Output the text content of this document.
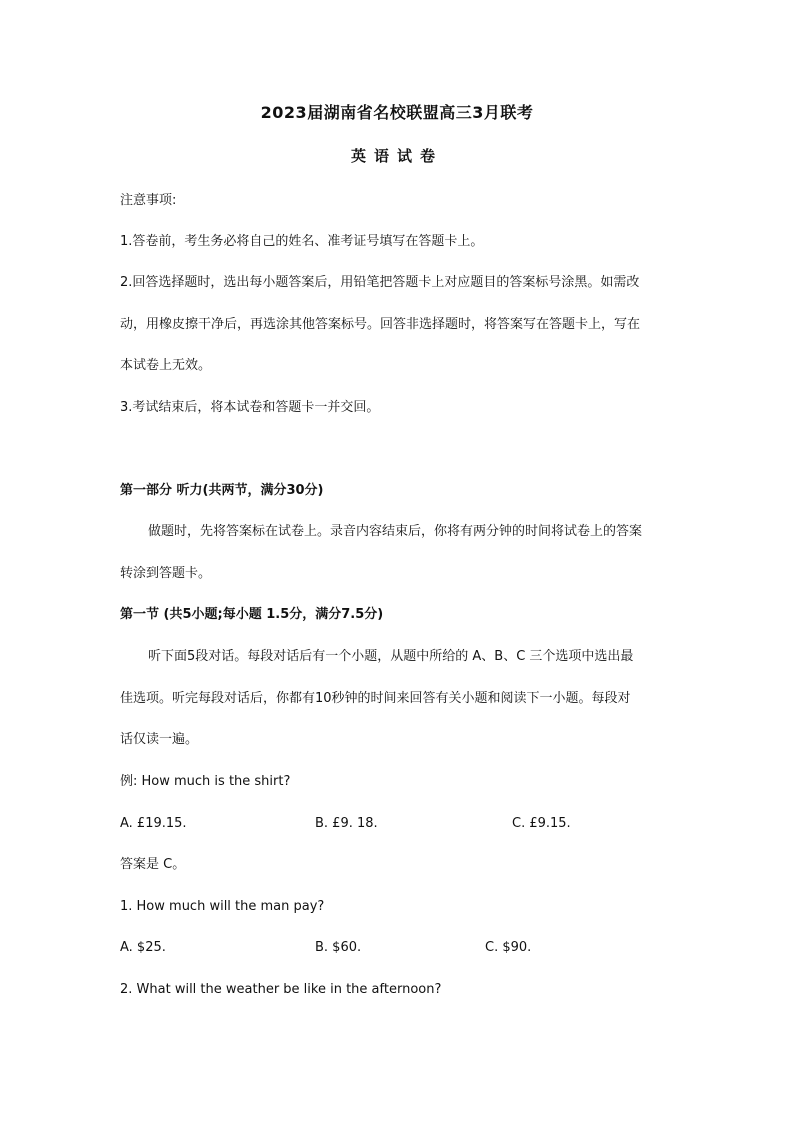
2023届湖南省名校联盟高三3月联考
英语试卷
注意事项:
1.答卷前，考生务必将自己的姓名、准考证号填写在答题卡上。
2.回答选择题时，选出每小题答案后，用铅笔把答题卡上对应题目的答案标号涂黑。如需改
动，用橡皮擦干净后，再选涂其他答案标号。回答非选择题时，将答案写在答题卡上，写在
本试卷上无效。
3.考试结束后，将本试卷和答题卡一并交回。
第一部分 听力(共两节，满分30分)
做题时，先将答案标在试卷上。录音内容结束后，你将有两分钟的时间将试卷上的答案
转涂到答题卡。
第一节 (共5小题;每小题 1.5分，满分7.5分)
听下面5段对话。每段对话后有一个小题，从题中所给的 A、B、C 三个选项中选出最
佳选项。听完每段对话后，你都有10秒钟的时间来回答有关小题和阅读下一小题。每段对
话仅读一遍。
例: How much is the shirt?
A. £19.15.	B. £9. 18.	C. £9.15.
答案是 C。
1. How much will the man pay?
A. $25.	B. $60.	C. $90.
2. What will the weather be like in the afternoon?
